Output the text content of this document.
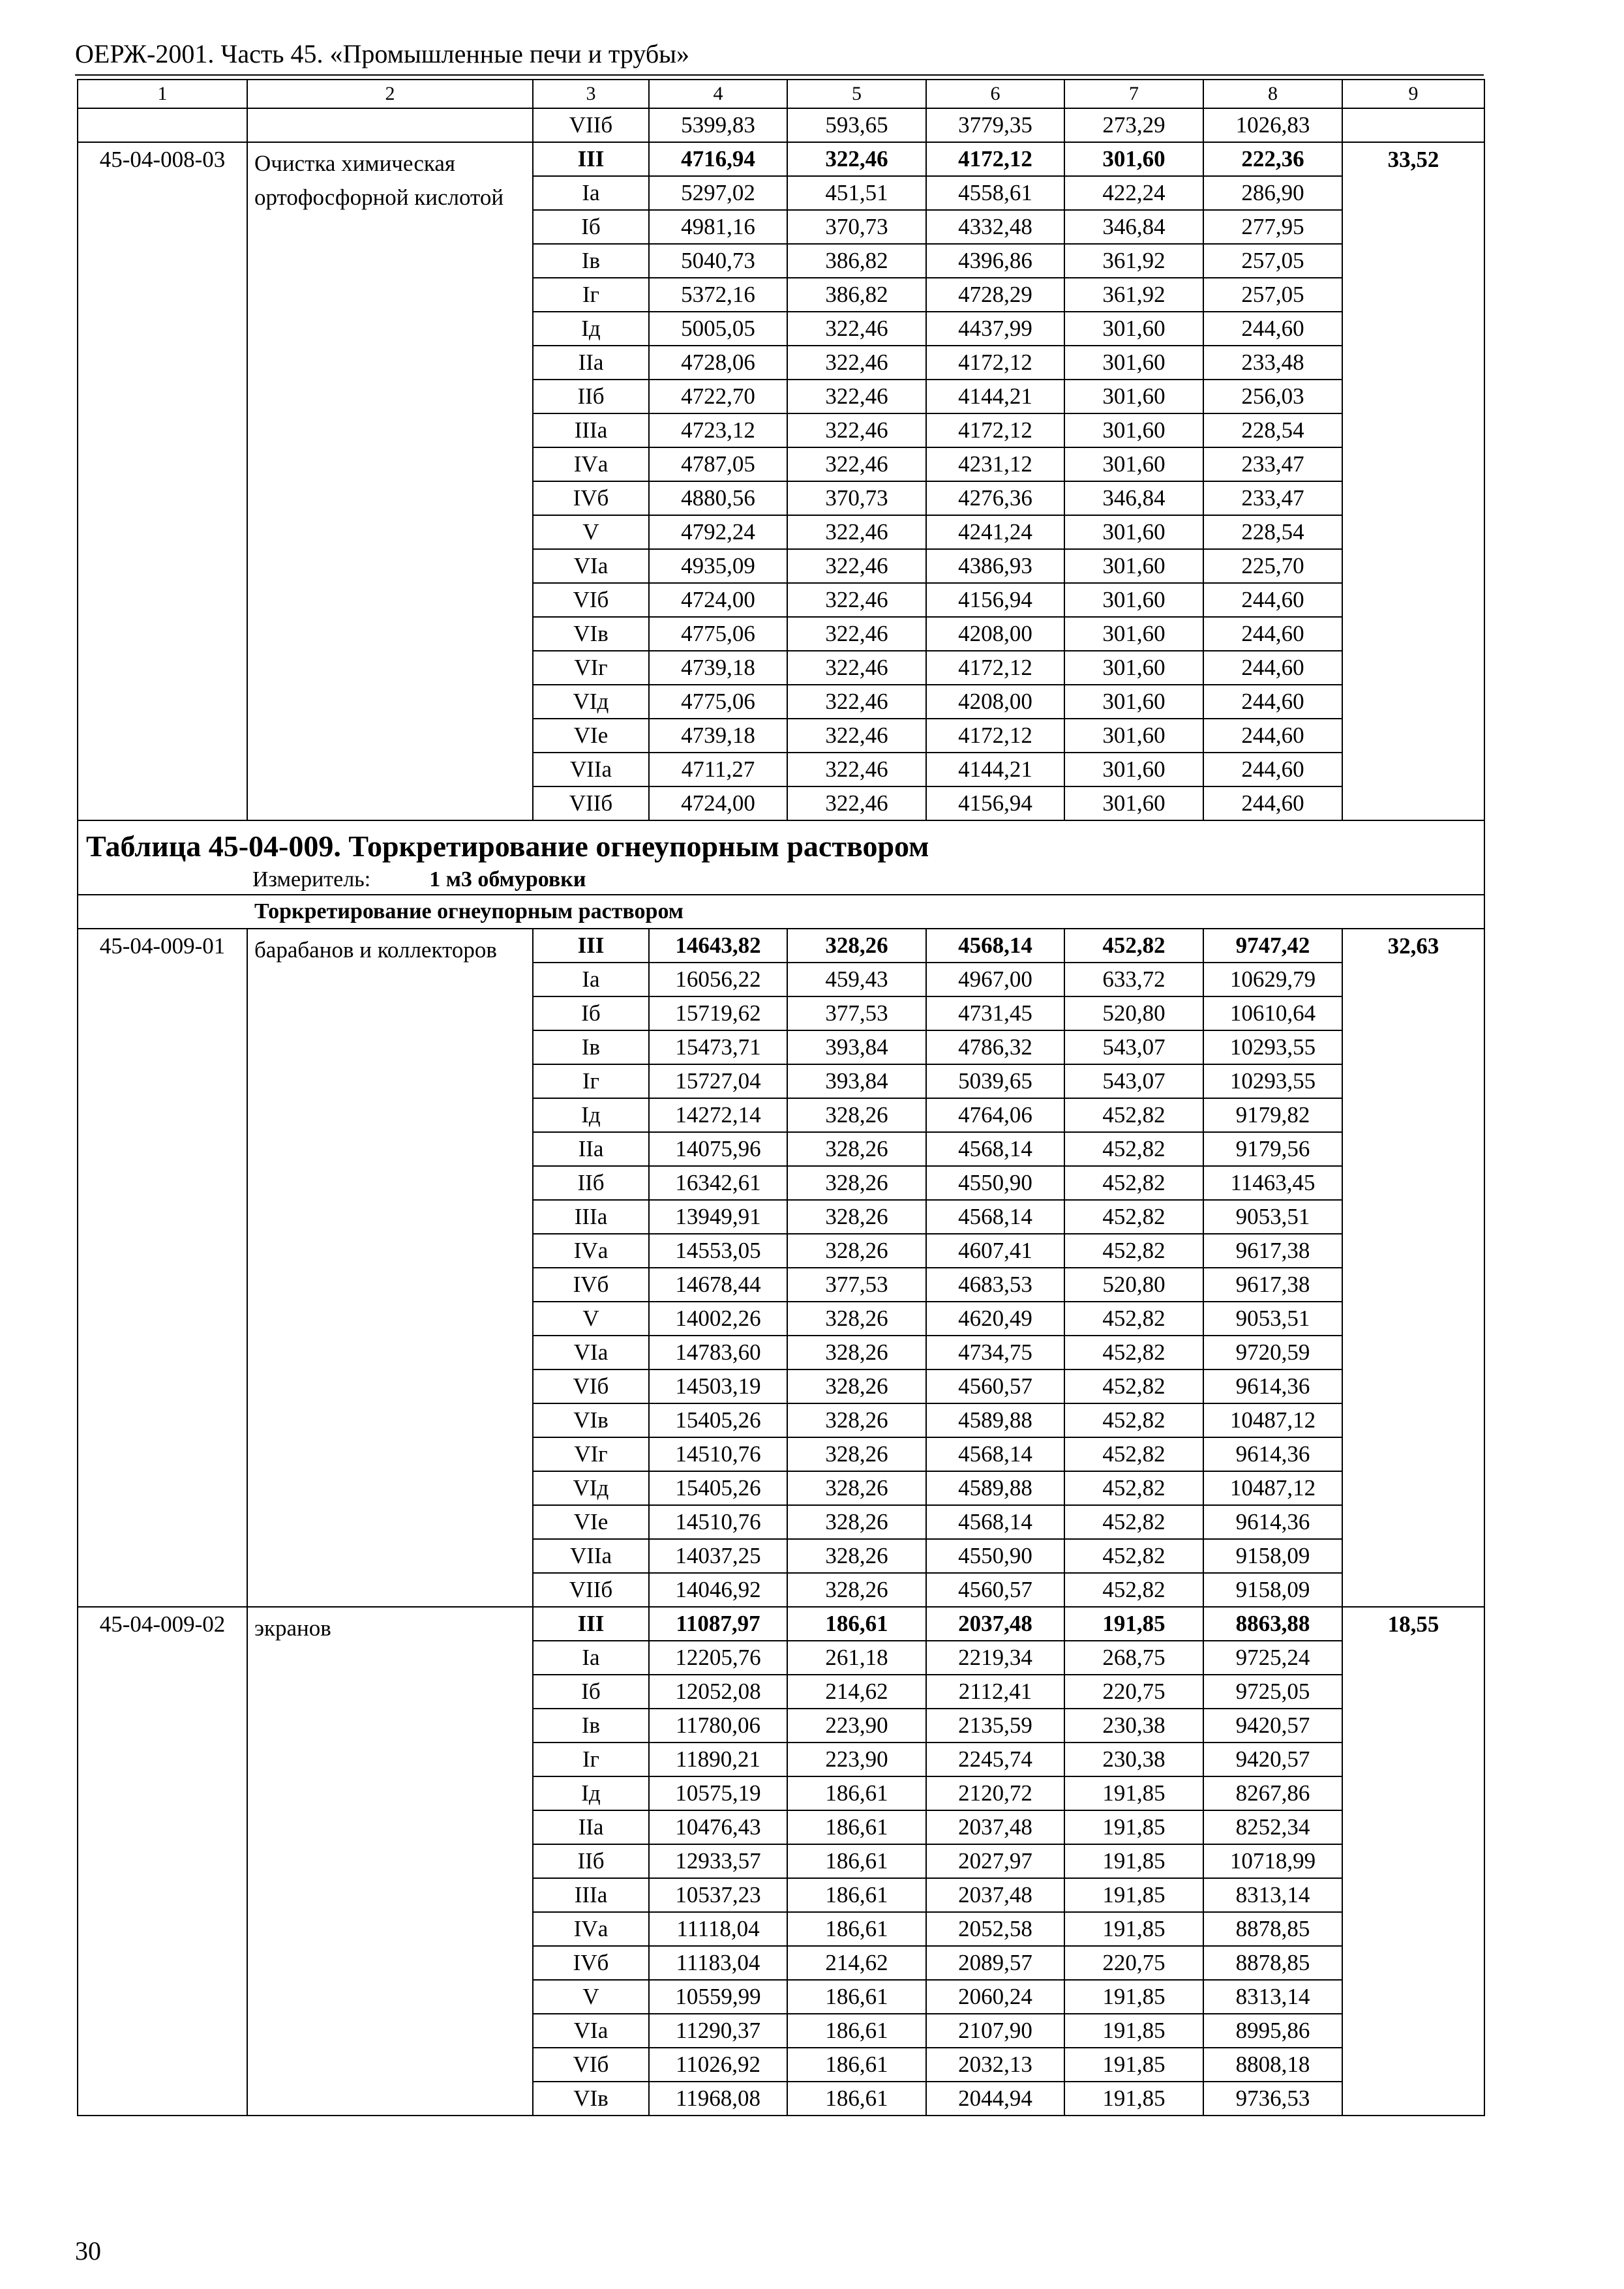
ОЕРЖ-2001. Часть 45. «Промышленные печи и трубы»
1	2	3	4	5	6	7	8	9
		VIIб	5399,83	593,65	3779,35	273,29	1026,83	
45-04-008-03	Очистка химическая ортофосфорной кислотой	III	4716,94	322,46	4172,12	301,60	222,36	33,52
		Iа	5297,02	451,51	4558,61	422,24	286,90	
		Iб	4981,16	370,73	4332,48	346,84	277,95	
		Iв	5040,73	386,82	4396,86	361,92	257,05	
		Iг	5372,16	386,82	4728,29	361,92	257,05	
		Iд	5005,05	322,46	4437,99	301,60	244,60	
		IIа	4728,06	322,46	4172,12	301,60	233,48	
		IIб	4722,70	322,46	4144,21	301,60	256,03	
		IIIа	4723,12	322,46	4172,12	301,60	228,54	
		IVа	4787,05	322,46	4231,12	301,60	233,47	
		IVб	4880,56	370,73	4276,36	346,84	233,47	
		V	4792,24	322,46	4241,24	301,60	228,54	
		VIа	4935,09	322,46	4386,93	301,60	225,70	
		VIб	4724,00	322,46	4156,94	301,60	244,60	
		VIв	4775,06	322,46	4208,00	301,60	244,60	
		VIг	4739,18	322,46	4172,12	301,60	244,60	
		VIд	4775,06	322,46	4208,00	301,60	244,60	
		VIе	4739,18	322,46	4172,12	301,60	244,60	
		VIIа	4711,27	322,46	4144,21	301,60	244,60	
		VIIб	4724,00	322,46	4156,94	301,60	244,60	

Таблица 45-04-009. Торкретирование огнеупорным раствором
Измеритель: 1 м3 обмуровки								

Торкретирование огнеупорным раствором								
45-04-009-01	барабанов и коллекторов	III	14643,82	328,26	4568,14	452,82	9747,42	32,63
		Iа	16056,22	459,43	4967,00	633,72	10629,79	
		Iб	15719,62	377,53	4731,45	520,80	10610,64	
		Iв	15473,71	393,84	4786,32	543,07	10293,55	
		Iг	15727,04	393,84	5039,65	543,07	10293,55	
		Iд	14272,14	328,26	4764,06	452,82	9179,82	
		IIа	14075,96	328,26	4568,14	452,82	9179,56	
		IIб	16342,61	328,26	4550,90	452,82	11463,45	
		IIIа	13949,91	328,26	4568,14	452,82	9053,51	
		IVа	14553,05	328,26	4607,41	452,82	9617,38	
		IVб	14678,44	377,53	4683,53	520,80	9617,38	
		V	14002,26	328,26	4620,49	452,82	9053,51	
		VIа	14783,60	328,26	4734,75	452,82	9720,59	
		VIб	14503,19	328,26	4560,57	452,82	9614,36	
		VIв	15405,26	328,26	4589,88	452,82	10487,12	
		VIг	14510,76	328,26	4568,14	452,82	9614,36	
		VIд	15405,26	328,26	4589,88	452,82	10487,12	
		VIе	14510,76	328,26	4568,14	452,82	9614,36	
		VIIа	14037,25	328,26	4550,90	452,82	9158,09	
		VIIб	14046,92	328,26	4560,57	452,82	9158,09	
45-04-009-02	экранов	III	11087,97	186,61	2037,48	191,85	8863,88	18,55
		Iа	12205,76	261,18	2219,34	268,75	9725,24	
		Iб	12052,08	214,62	2112,41	220,75	9725,05	
		Iв	11780,06	223,90	2135,59	230,38	9420,57	
		Iг	11890,21	223,90	2245,74	230,38	9420,57	
		Iд	10575,19	186,61	2120,72	191,85	8267,86	
		IIа	10476,43	186,61	2037,48	191,85	8252,34	
		IIб	12933,57	186,61	2027,97	191,85	10718,99	
		IIIа	10537,23	186,61	2037,48	191,85	8313,14	
		IVа	11118,04	186,61	2052,58	191,85	8878,85	
		IVб	11183,04	214,62	2089,57	220,75	8878,85	
		V	10559,99	186,61	2060,24	191,85	8313,14	
		VIа	11290,37	186,61	2107,90	191,85	8995,86	
		VIб	11026,92	186,61	2032,13	191,85	8808,18	
		VIв	11968,08	186,61	2044,94	191,85	9736,53	
30
